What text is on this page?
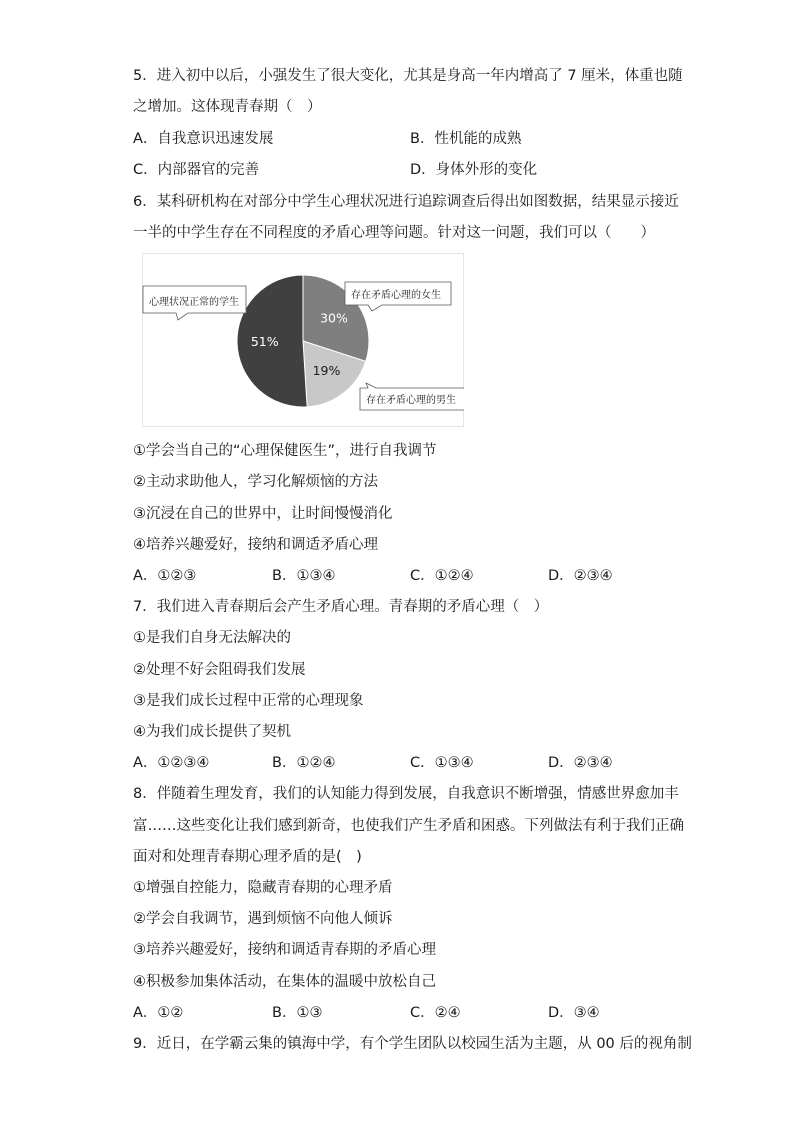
5．进入初中以后，小强发生了很大变化，尤其是身高一年内增高了 7 厘米，体重也随
之增加。这体现青春期（　）
A．自我意识迅速发展	B．性机能的成熟
C．内部器官的完善	D．身体外形的变化
6．某科研机构在对部分中学生心理状况进行追踪调查后得出如图数据，结果显示接近
一半的中学生存在不同程度的矛盾心理等问题。针对这一问题，我们可以（　　）
30%
19%
51%
心理状况正常的学生
存在矛盾心理的女生
存在矛盾心理的男生
①学会当自己的“心理保健医生”，进行自我调节
②主动求助他人，学习化解烦恼的方法
③沉浸在自己的世界中，让时间慢慢消化
④培养兴趣爱好，接纳和调适矛盾心理
A．①②③	B．①③④	C．①②④	D．②③④
7．我们进入青春期后会产生矛盾心理。青春期的矛盾心理（　）
①是我们自身无法解决的
②处理不好会阻碍我们发展
③是我们成长过程中正常的心理现象
④为我们成长提供了契机
A．①②③④	B．①②④	C．①③④	D．②③④
8．伴随着生理发育，我们的认知能力得到发展，自我意识不断增强，情感世界愈加丰
富……这些变化让我们感到新奇，也使我们产生矛盾和困惑。下列做法有利于我们正确
面对和处理青春期心理矛盾的是(　)
①增强自控能力，隐藏青春期的心理矛盾
②学会自我调节，遇到烦恼不向他人倾诉
③培养兴趣爱好，接纳和调适青春期的矛盾心理
④积极参加集体活动，在集体的温暖中放松自己
A．①②	B．①③	C．②④	D．③④
9．近日，在学霸云集的镇海中学，有个学生团队以校园生活为主题，从 00 后的视角制
